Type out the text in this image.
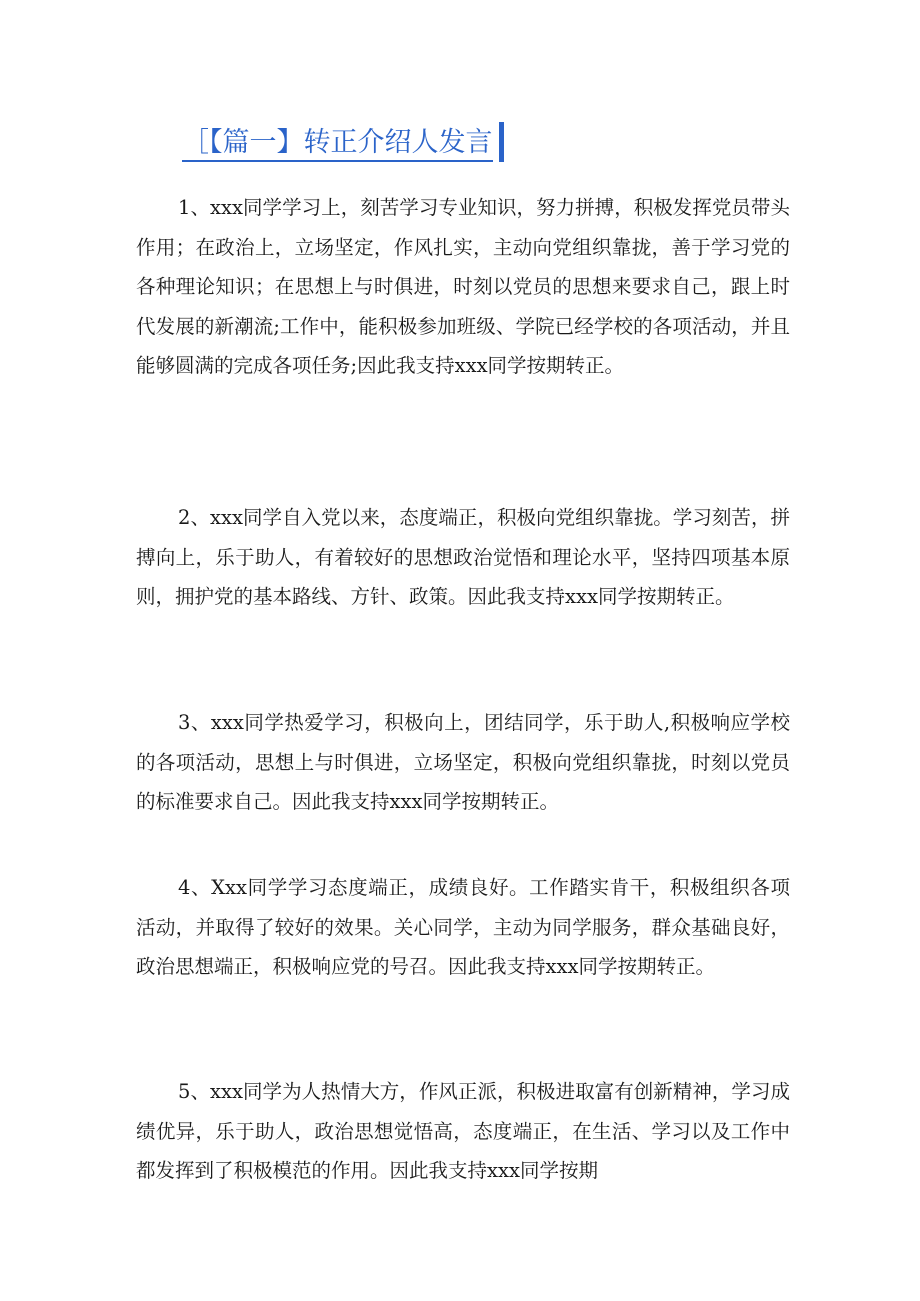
［【篇一】转正介绍人发言

1、xxx同学学习上，刻苦学习专业知识，努力拼搏，积极发挥党员带头作用；在政治上，立场坚定，作风扎实，主动向党组织靠拢，善于学习党的各种理论知识；在思想上与时俱进，时刻以党员的思想来要求自己，跟上时代发展的新潮流;工作中，能积极参加班级、学院已经学校的各项活动，并且能够圆满的完成各项任务;因此我支持xxx同学按期转正。

2、xxx同学自入党以来，态度端正，积极向党组织靠拢。学习刻苦，拼搏向上，乐于助人，有着较好的思想政治觉悟和理论水平，坚持四项基本原则，拥护党的基本路线、方针、政策。因此我支持xxx同学按期转正。

3、xxx同学热爱学习，积极向上，团结同学，乐于助人,积极响应学校的各项活动，思想上与时俱进，立场坚定，积极向党组织靠拢，时刻以党员的标准要求自己。因此我支持xxx同学按期转正。

4、Xxx同学学习态度端正，成绩良好。工作踏实肯干，积极组织各项活动，并取得了较好的效果。关心同学，主动为同学服务，群众基础良好，政治思想端正，积极响应党的号召。因此我支持xxx同学按期转正。

5、xxx同学为人热情大方，作风正派，积极进取富有创新精神，学习成绩优异，乐于助人，政治思想觉悟高，态度端正，在生活、学习以及工作中都发挥到了积极模范的作用。因此我支持xxx同学按期
